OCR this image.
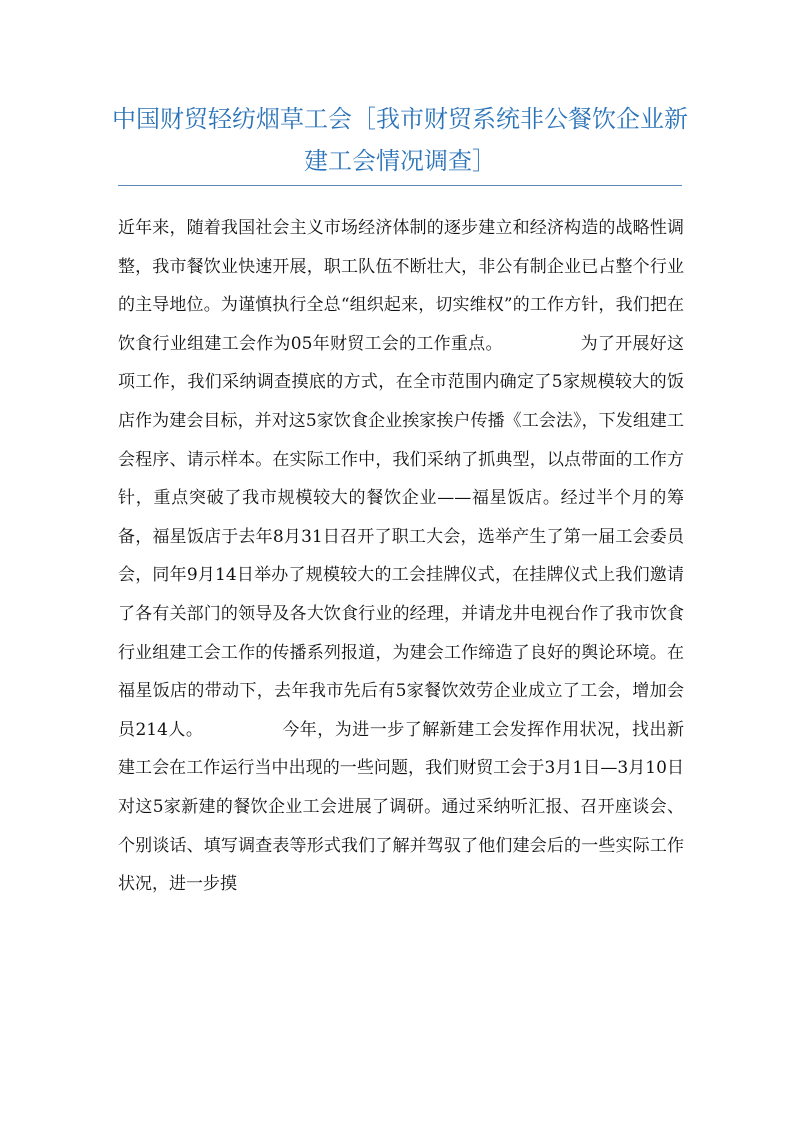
中国财贸轻纺烟草工会［我市财贸系统非公餐饮企业新建工会情况调查］

近年来，随着我国社会主义市场经济体制的逐步建立和经济构造的战略性调整，我市餐饮业快速开展，职工队伍不断壮大，非公有制企业已占整个行业的主导地位。为谨慎执行全总“组织起来，切实维权”的工作方针，我们把在饮食行业组建工会作为05年财贸工会的工作重点。　　　　　为了开展好这项工作，我们采纳调查摸底的方式，在全市范围内确定了5家规模较大的饭店作为建会目标，并对这5家饮食企业挨家挨户传播《工会法》，下发组建工会程序、请示样本。在实际工作中，我们采纳了抓典型，以点带面的工作方针，重点突破了我市规模较大的餐饮企业——福星饭店。经过半个月的筹备，福星饭店于去年8月31日召开了职工大会，选举产生了第一届工会委员会，同年9月14日举办了规模较大的工会挂牌仪式，在挂牌仪式上我们邀请了各有关部门的领导及各大饮食行业的经理，并请龙井电视台作了我市饮食行业组建工会工作的传播系列报道，为建会工作缔造了良好的舆论环境。在福星饭店的带动下，去年我市先后有5家餐饮效劳企业成立了工会，增加会员214人。　　　　　今年，为进一步了解新建工会发挥作用状况，找出新建工会在工作运行当中出现的一些问题，我们财贸工会于3月1日—3月10日对这5家新建的餐饮企业工会进展了调研。通过采纳听汇报、召开座谈会、个别谈话、填写调查表等形式我们了解并驾驭了他们建会后的一些实际工作状况，进一步摸
